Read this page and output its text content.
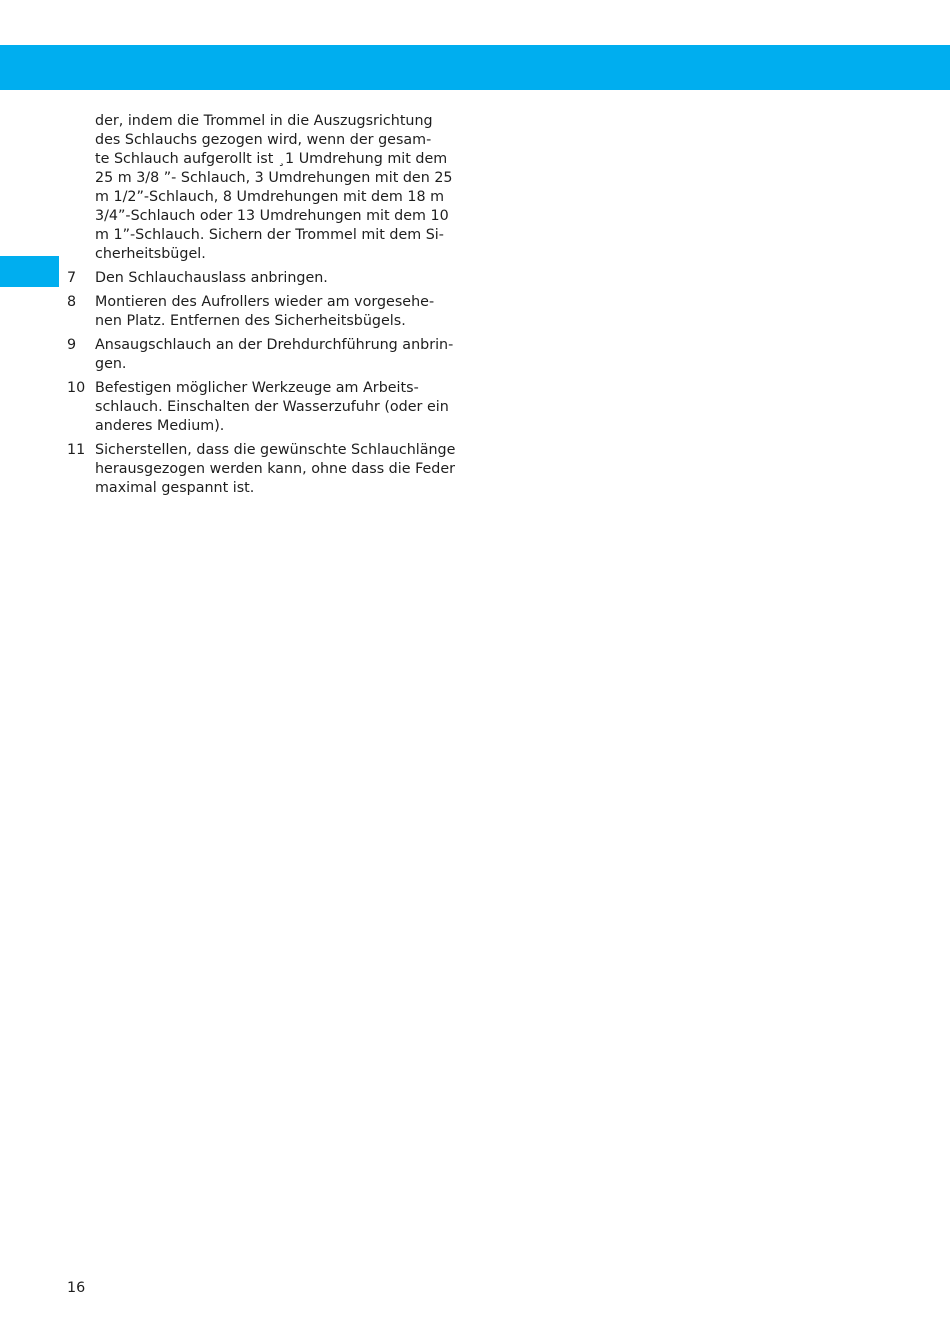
der, indem die Trommel in die Auszugsrichtung
des Schlauchs gezogen wird, wenn der gesam-
te Schlauch aufgerollt ist ¸1 Umdrehung mit dem
25 m 3/8 ”- Schlauch, 3 Umdrehungen mit den 25
m 1/2”-Schlauch, 8 Umdrehungen mit dem 18 m
3/4”-Schlauch oder 13 Umdrehungen mit dem 10
m 1”-Schlauch. Sichern der Trommel mit dem Si-
cherheitsbügel.
7 Den Schlauchauslass anbringen.
8 Montieren des Aufrollers wieder am vorgesehe-
nen Platz. Entfernen des Sicherheitsbügels.
9 Ansaugschlauch an der Drehdurchführung anbrin-
gen.
10 Befestigen möglicher Werkzeuge am Arbeits-
schlauch. Einschalten der Wasserzufuhr (oder ein
anderes Medium).
11 Sicherstellen, dass die gewünschte Schlauchlänge
herausgezogen werden kann, ohne dass die Feder
maximal gespannt ist.
16
